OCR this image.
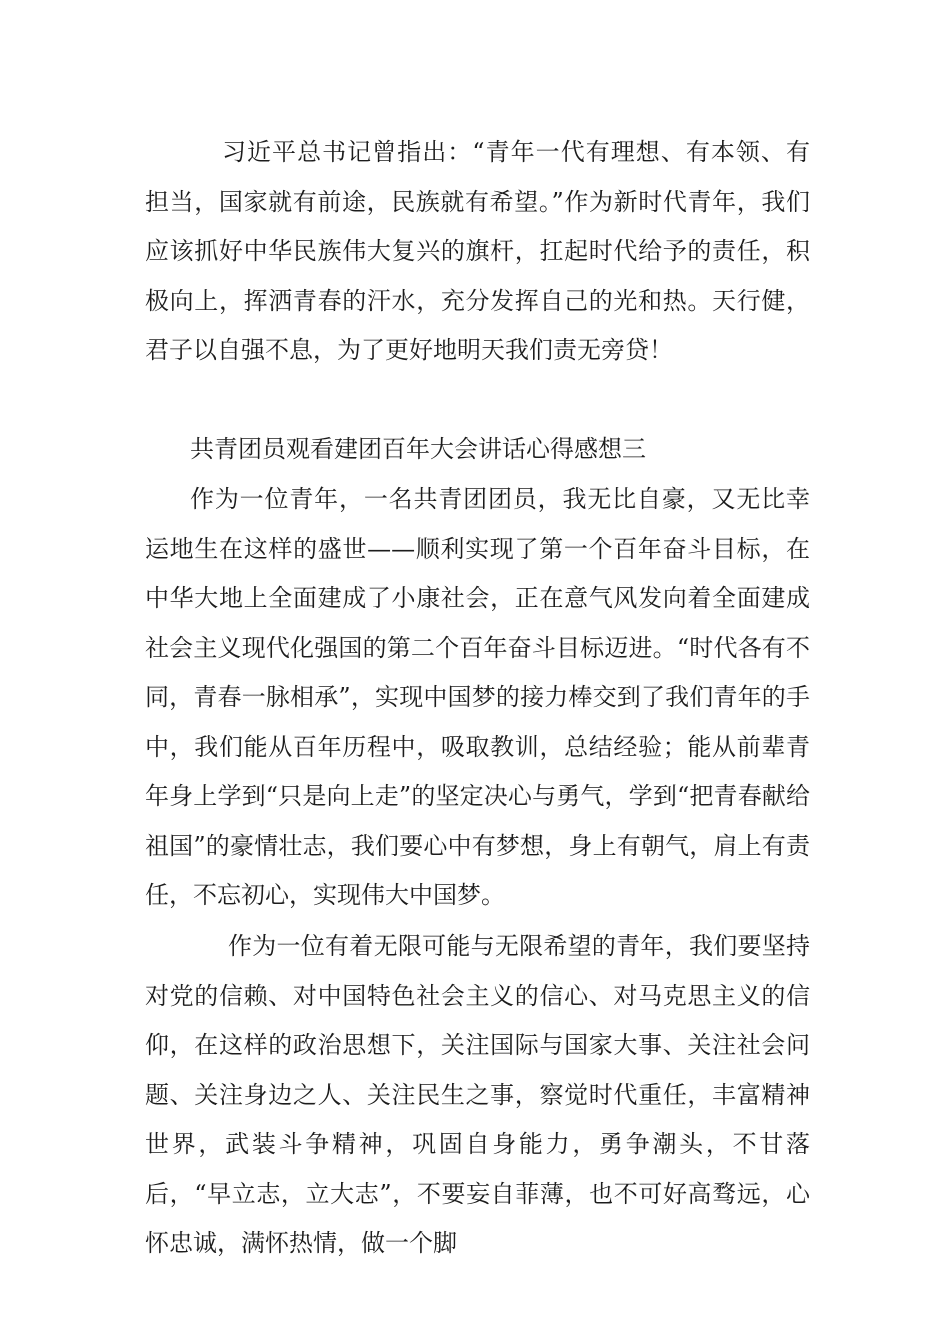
习近平总书记曾指出：“青年一代有理想、有本领、有担当，国家就有前途，民族就有希望。”作为新时代青年，我们应该抓好中华民族伟大复兴的旗杆，扛起时代给予的责任，积极向上，挥洒青春的汗水，充分发挥自己的光和热。天行健，君子以自强不息，为了更好地明天我们责无旁贷！

共青团员观看建团百年大会讲话心得感想三

作为一位青年，一名共青团团员，我无比自豪，又无比幸运地生在这样的盛世——顺利实现了第一个百年奋斗目标，在中华大地上全面建成了小康社会，正在意气风发向着全面建成社会主义现代化强国的第二个百年奋斗目标迈进。“时代各有不同，青春一脉相承”，实现中国梦的接力棒交到了我们青年的手中，我们能从百年历程中，吸取教训，总结经验；能从前辈青年身上学到“只是向上走”的坚定决心与勇气，学到“把青春献给祖国”的豪情壮志，我们要心中有梦想，身上有朝气，肩上有责任，不忘初心，实现伟大中国梦。

作为一位有着无限可能与无限希望的青年，我们要坚持对党的信赖、对中国特色社会主义的信心、对马克思主义的信仰，在这样的政治思想下，关注国际与国家大事、关注社会问题、关注身边之人、关注民生之事，察觉时代重任，丰富精神世界，武装斗争精神，巩固自身能力，勇争潮头，不甘落后，“早立志，立大志”，不要妄自菲薄，也不可好高骛远，心怀忠诚，满怀热情，做一个脚
